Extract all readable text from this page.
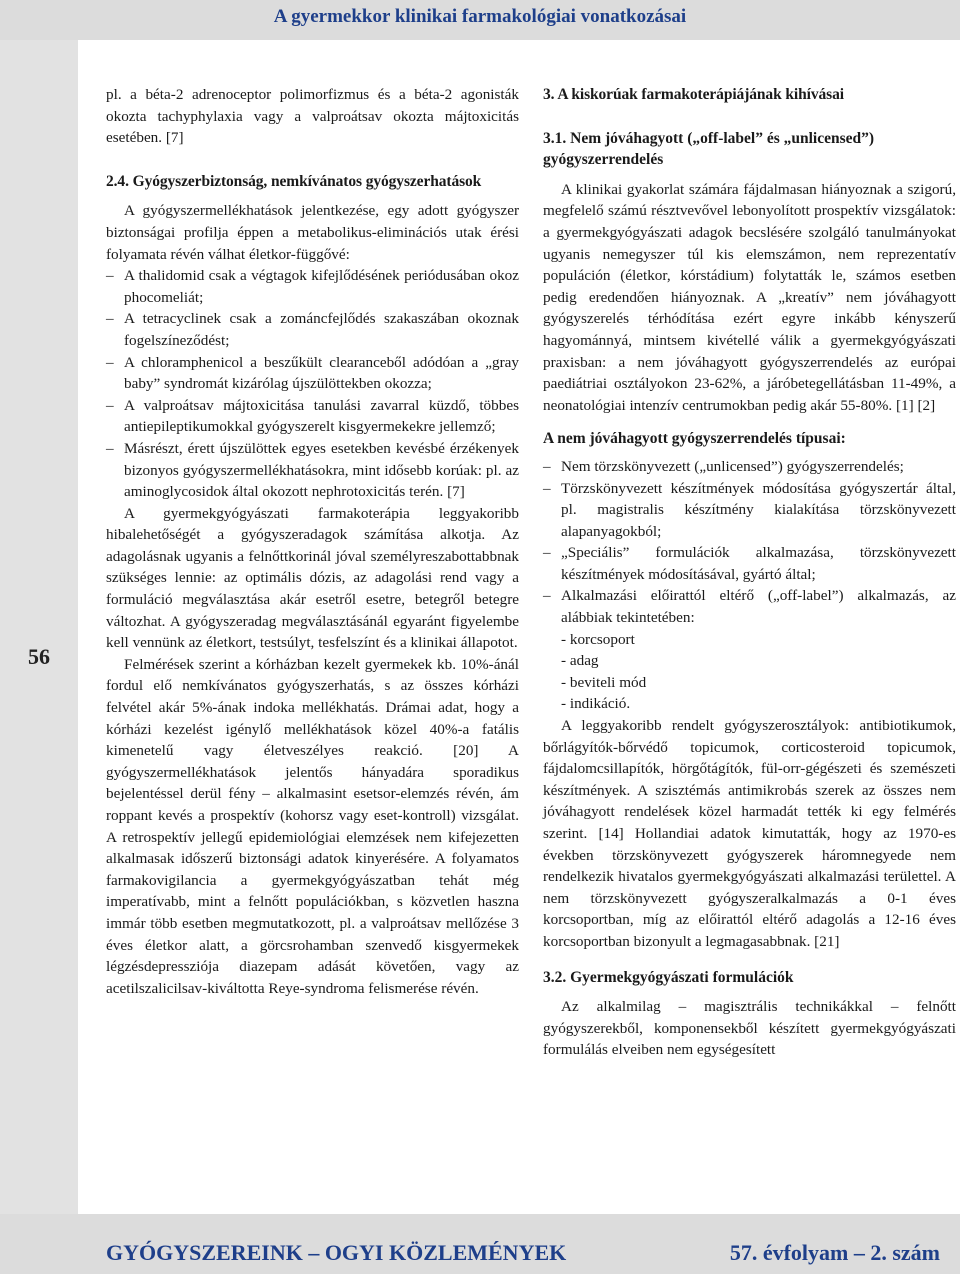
A gyermekkor klinikai farmakológiai vonatkozásai
56

pl. a béta-2 adrenoceptor polimorfizmus és a béta-2 agonisták okozta tachyphylaxia vagy a valproátsav okozta májtoxicitás esetében. [7]

2.4. Gyógyszerbiztonság, nemkívánatos gyógyszerhatások

A gyógyszermellékhatások jelentkezése, egy adott gyógyszer biztonságai profilja éppen a metabolikus-eliminációs utak érési folyamata révén válhat életkor-függővé:

– A thalidomid csak a végtagok kifejlődésének periódusában okoz phocomeliát;

– A tetracyclinek csak a zománcfejlődés szakaszában okoznak fogelszíneződést;

– A chloramphenicol a beszűkült clearanceből adódóan a „gray baby” syndromát kizárólag újszülöttekben okozza;

– A valproátsav májtoxicitása tanulási zavarral küzdő, többes antiepileptikumokkal gyógyszerelt kisgyermekekre jellemző;

– Másrészt, érett újszülöttek egyes esetekben kevésbé érzékenyek bizonyos gyógyszermellékhatásokra, mint idősebb korúak: pl. az aminoglycosidok által okozott nephrotoxicitás terén. [7]

A gyermekgyógyászati farmakoterápia leggyakoribb hibalehetőségét a gyógyszeradagok számítása alkotja. Az adagolásnak ugyanis a felnőttkorinál jóval személyreszabottabbnak szükséges lennie: az optimális dózis, az adagolási rend vagy a formuláció megválasztása akár esetről esetre, betegről betegre változhat. A gyógyszeradag megválasztásánál egyaránt figyelembe kell vennünk az életkort, testsúlyt, tesfelszínt és a klinikai állapotot.

Felmérések szerint a kórházban kezelt gyermekek kb. 10%-ánál fordul elő nemkívánatos gyógyszerhatás, s az összes kórházi felvétel akár 5%-ának indoka mellékhatás. Drámai adat, hogy a kórházi kezelést igénylő mellékhatások közel 40%-a fatális kimenetelű vagy életveszélyes reakció. [20] A gyógyszermellékhatások jelentős hányadára sporadikus bejelentéssel derül fény – alkalmasint esetsor-elemzés révén, ám roppant kevés a prospektív (kohorsz vagy eset-kontroll) vizsgálat. A retrospektív jellegű epidemiológiai elemzések nem kifejezetten alkalmasak időszerű biztonsági adatok kinyerésére. A folyamatos farmakovigilancia a gyermekgyógyászatban tehát még imperatívabb, mint a felnőtt populációkban, s közvetlen haszna immár több esetben megmutatkozott, pl. a valproátsav mellőzése 3 éves életkor alatt, a görcsrohamban szenvedő kisgyermekek légzésdepressziója diazepam adását követően, vagy az acetilszalicilsav-kiváltotta Reye-syndroma felismerése révén.

3. A kiskorúak farmakoterápiájának kihívásai

3.1. Nem jóváhagyott („off-label” és „unlicensed”) gyógyszerrendelés

A klinikai gyakorlat számára fájdalmasan hiányoznak a szigorú, megfelelő számú résztvevővel lebonyolított prospektív vizsgálatok: a gyermekgyógyászati adagok becslésére szolgáló tanulmányokat ugyanis nemegyszer túl kis elemszámon, nem reprezentatív populáción (életkor, kórstádium) folytatták le, számos esetben pedig eredendően hiányoznak. A „kreatív” nem jóváhagyott gyógyszerelés térhódítása ezért egyre inkább kényszerű hagyománnyá, mintsem kivétellé válik a gyermekgyógyászati praxisban: a nem jóváhagyott gyógyszerrendelés az európai paediátriai osztályokon 23-62%, a járóbetegellátásban 11-49%, a neonatológiai intenzív centrumokban pedig akár 55-80%. [1] [2]

A nem jóváhagyott gyógyszerrendelés típusai:

– Nem törzskönyvezett („unlicensed”) gyógyszerrendelés;

– Törzskönyvezett készítmények módosítása gyógyszertár által, pl. magistralis készítmény kialakítása törzskönyvezett alapanyagokból;

– „Speciális” formulációk alkalmazása, törzskönyvezett készítmények módosításával, gyártó által;

– Alkalmazási előirattól eltérő („off-label”) alkalmazás, az alábbiak tekintetében:

- korcsoport

- adag

- beviteli mód

- indikáció.

A leggyakoribb rendelt gyógyszerosztályok: antibiotikumok, bőrlágyítók-bőrvédő topicumok, corticosteroid topicumok, fájdalomcsillapítók, hörgőtágítók, fül-orr-gégészeti és szemészeti készítmények. A szisztémás antimikrobás szerek az összes nem jóváhagyott rendelések közel harmadát tették ki egy felmérés szerint. [14] Hollandiai adatok kimutatták, hogy az 1970-es években törzskönyvezett gyógyszerek háromnegyede nem rendelkezik hivatalos gyermekgyógyászati alkalmazási területtel. A nem törzskönyvezett gyógyszeralkalmazás a 0-1 éves korcsoportban, míg az előirattól eltérő adagolás a 12-16 éves korcsoportban bizonyult a legmagasabbnak. [21]

3.2. Gyermekgyógyászati formulációk

Az alkalmilag – magisztrális technikákkal – felnőtt gyógyszerekből, komponensekből készített gyermekgyógyászati formulálás elveiben nem egységesített

GYÓGYSZEREINK – OGYI KÖZLEMÉNYEK	57. évfolyam – 2. szám
